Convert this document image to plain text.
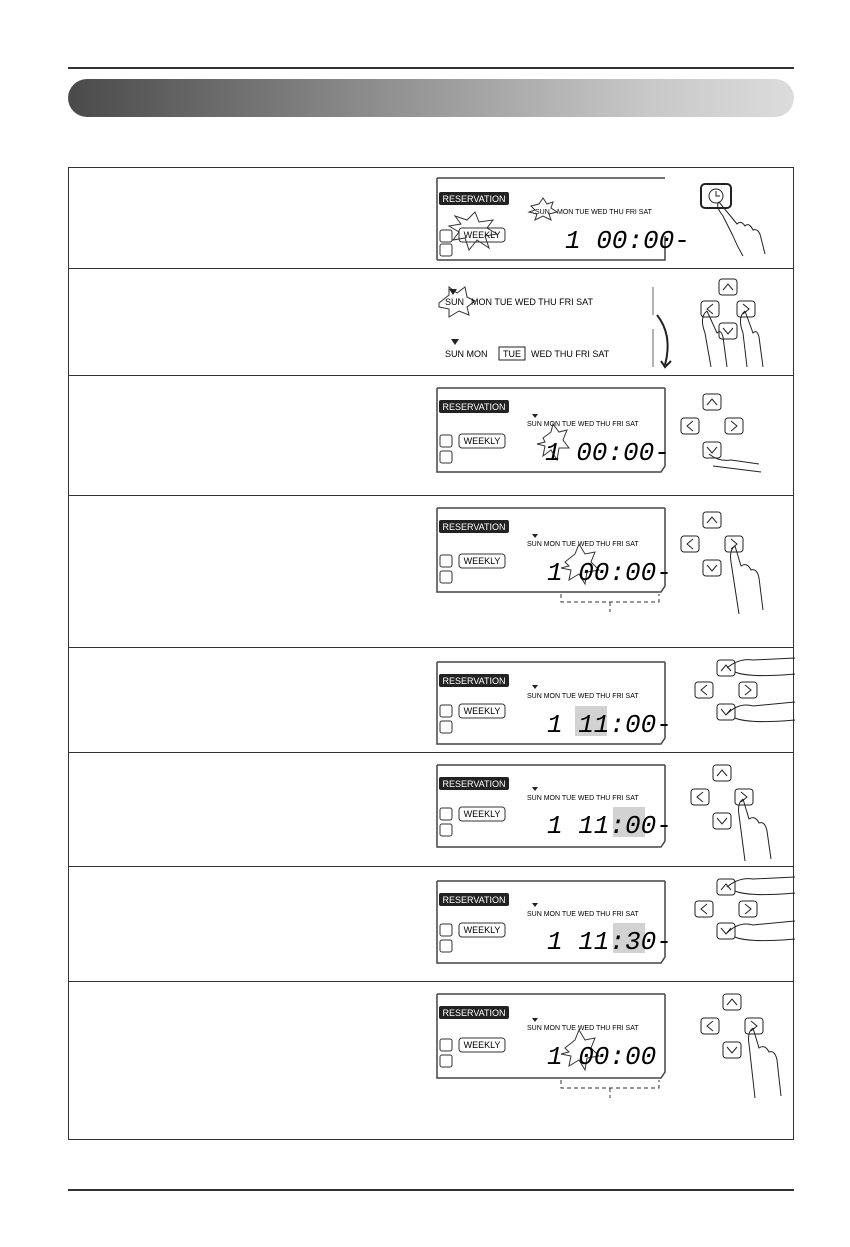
RESERVATION
WEEKLY
SUN MON TUE WED THU FRI SAT
1 00:00-
SUN MON TUE WED THU FRI SAT
SUN MON TUE WED THU FRI SAT
RESERVATION
WEEKLY
SUN MON TUE WED THU FRI SAT
1 00:00-
RESERVATION
WEEKLY
SUN MON TUE WED THU FRI SAT
1 00:00-
RESERVATION
WEEKLY
SUN MON TUE WED THU FRI SAT
1 11:00-
RESERVATION
WEEKLY
SUN MON TUE WED THU FRI SAT
1 11:00-
RESERVATION
WEEKLY
SUN MON TUE WED THU FRI SAT
1 11:30-
RESERVATION
WEEKLY
SUN MON TUE WED THU FRI SAT
1 00:00
